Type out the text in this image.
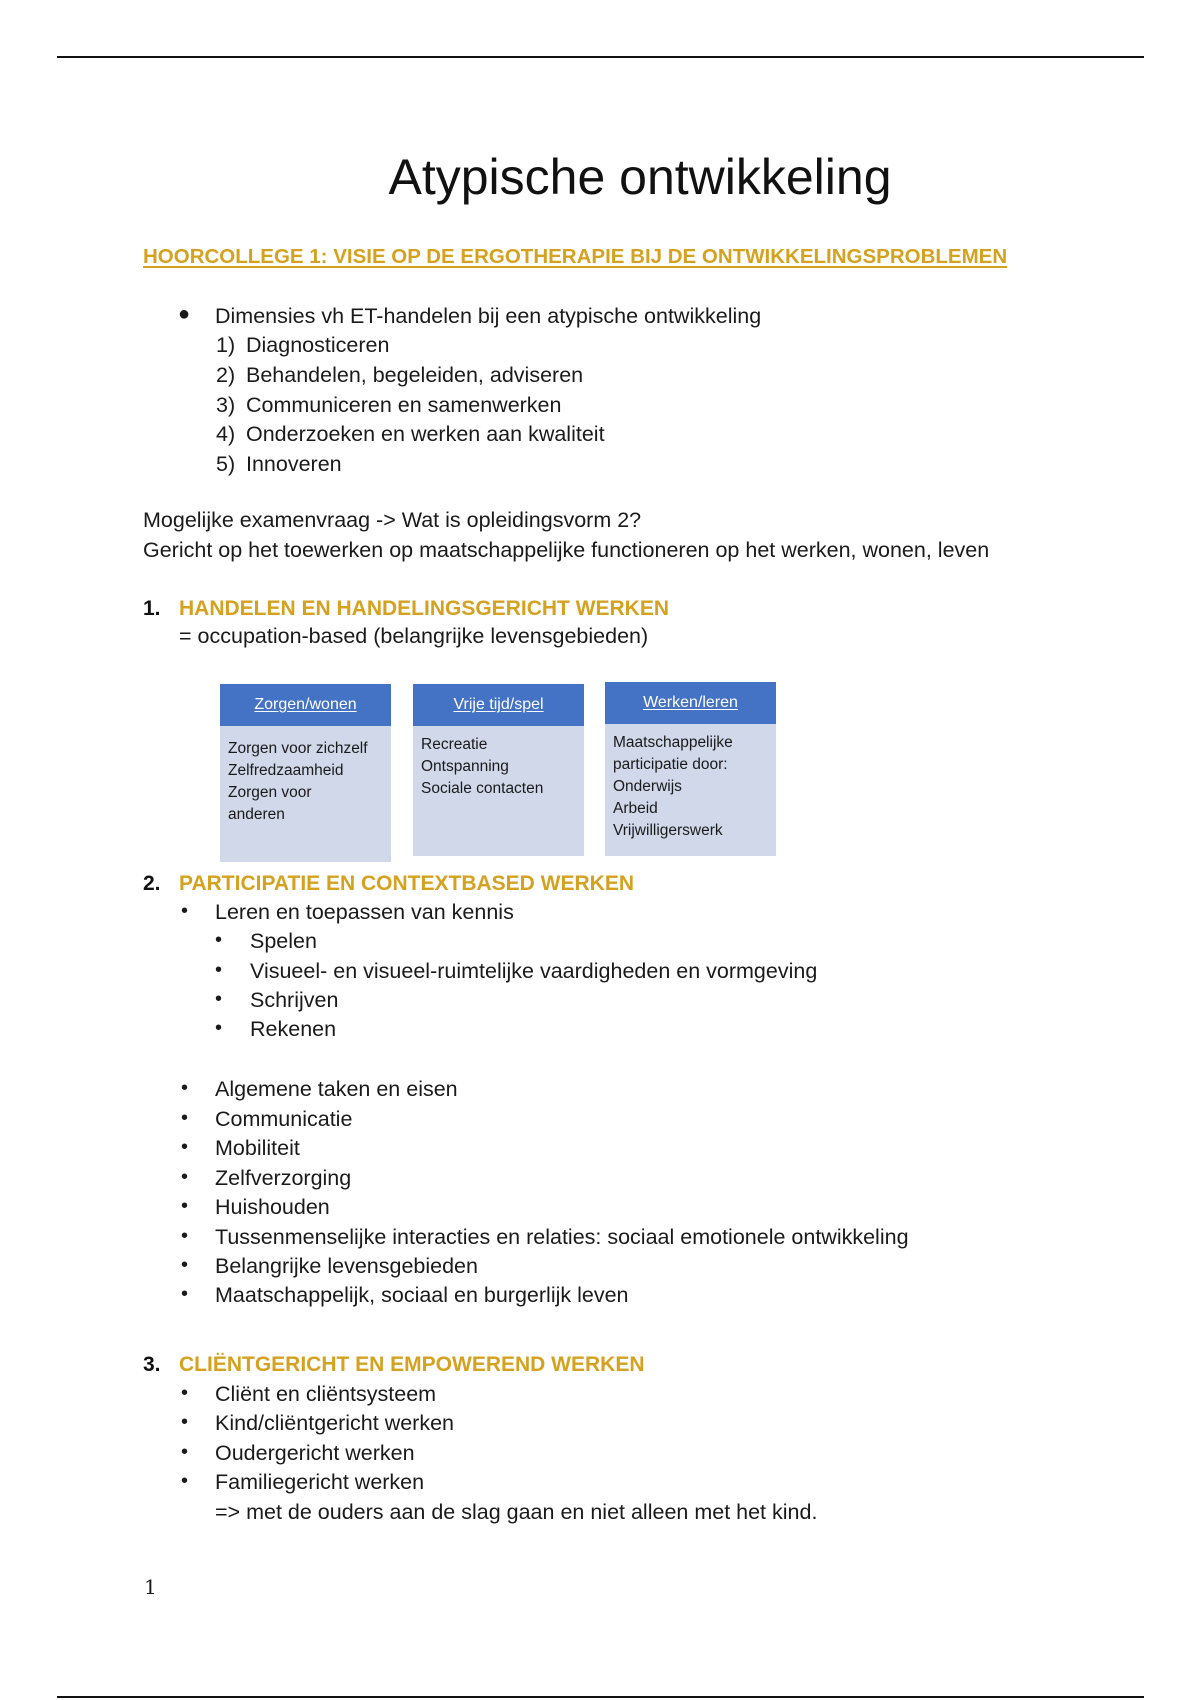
Atypische ontwikkeling
HOORCOLLEGE 1: VISIE OP DE ERGOTHERAPIE BIJ DE ONTWIKKELINGSPROBLEMEN
● Dimensies vh ET-handelen bij een atypische ontwikkeling
1) Diagnosticeren
2) Behandelen, begeleiden, adviseren
3) Communiceren en samenwerken
4) Onderzoeken en werken aan kwaliteit
5) Innoveren
Mogelijke examenvraag -> Wat is opleidingsvorm 2?
Gericht op het toewerken op maatschappelijke functioneren op het werken, wonen, leven
1. HANDELEN EN HANDELINGSGERICHT WERKEN
= occupation-based (belangrijke levensgebieden)
Zorgen/wonen
Zorgen voor zichzelf
Zelfredzaamheid
Zorgen voor
anderen
Vrije tijd/spel
Recreatie
Ontspanning
Sociale contacten
Werken/leren
Maatschappelijke
participatie door:
Onderwijs
Arbeid
Vrijwilligerswerk
2. PARTICIPATIE EN CONTEXTBASED WERKEN
• Leren en toepassen van kennis
• Spelen
• Visueel- en visueel-ruimtelijke vaardigheden en vormgeving
• Schrijven
• Rekenen
• Algemene taken en eisen
• Communicatie
• Mobiliteit
• Zelfverzorging
• Huishouden
• Tussenmenselijke interacties en relaties: sociaal emotionele ontwikkeling
• Belangrijke levensgebieden
• Maatschappelijk, sociaal en burgerlijk leven
3. CLIËNTGERICHT EN EMPOWEREND WERKEN
• Cliënt en cliëntsysteem
• Kind/cliëntgericht werken
• Oudergericht werken
• Familiegericht werken
=> met de ouders aan de slag gaan en niet alleen met het kind.
1
